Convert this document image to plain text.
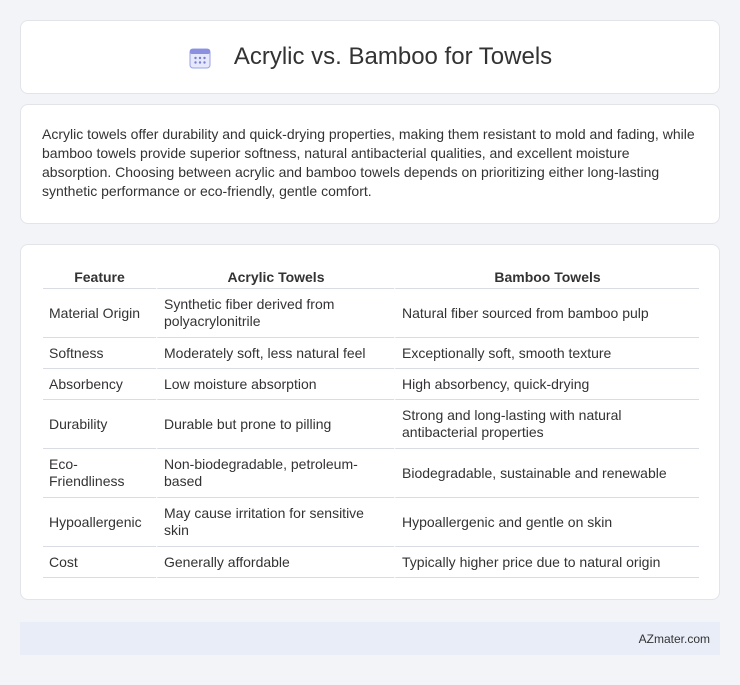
Acrylic vs. Bamboo for Towels

Acrylic towels offer durability and quick-drying properties, making them resistant to mold and fading, while bamboo towels provide superior softness, natural antibacterial qualities, and excellent moisture absorption. Choosing between acrylic and bamboo towels depends on prioritizing either long-lasting synthetic performance or eco-friendly, gentle comfort.

Feature	Acrylic Towels	Bamboo Towels
Material Origin	Synthetic fiber derived from polyacrylonitrile	Natural fiber sourced from bamboo pulp
Softness	Moderately soft, less natural feel	Exceptionally soft, smooth texture
Absorbency	Low moisture absorption	High absorbency, quick-drying
Durability	Durable but prone to pilling	Strong and long-lasting with natural antibacterial properties
Eco-Friendliness	Non-biodegradable, petroleum-based	Biodegradable, sustainable and renewable
Hypoallergenic	May cause irritation for sensitive skin	Hypoallergenic and gentle on skin
Cost	Generally affordable	Typically higher price due to natural origin
AZmater.com
